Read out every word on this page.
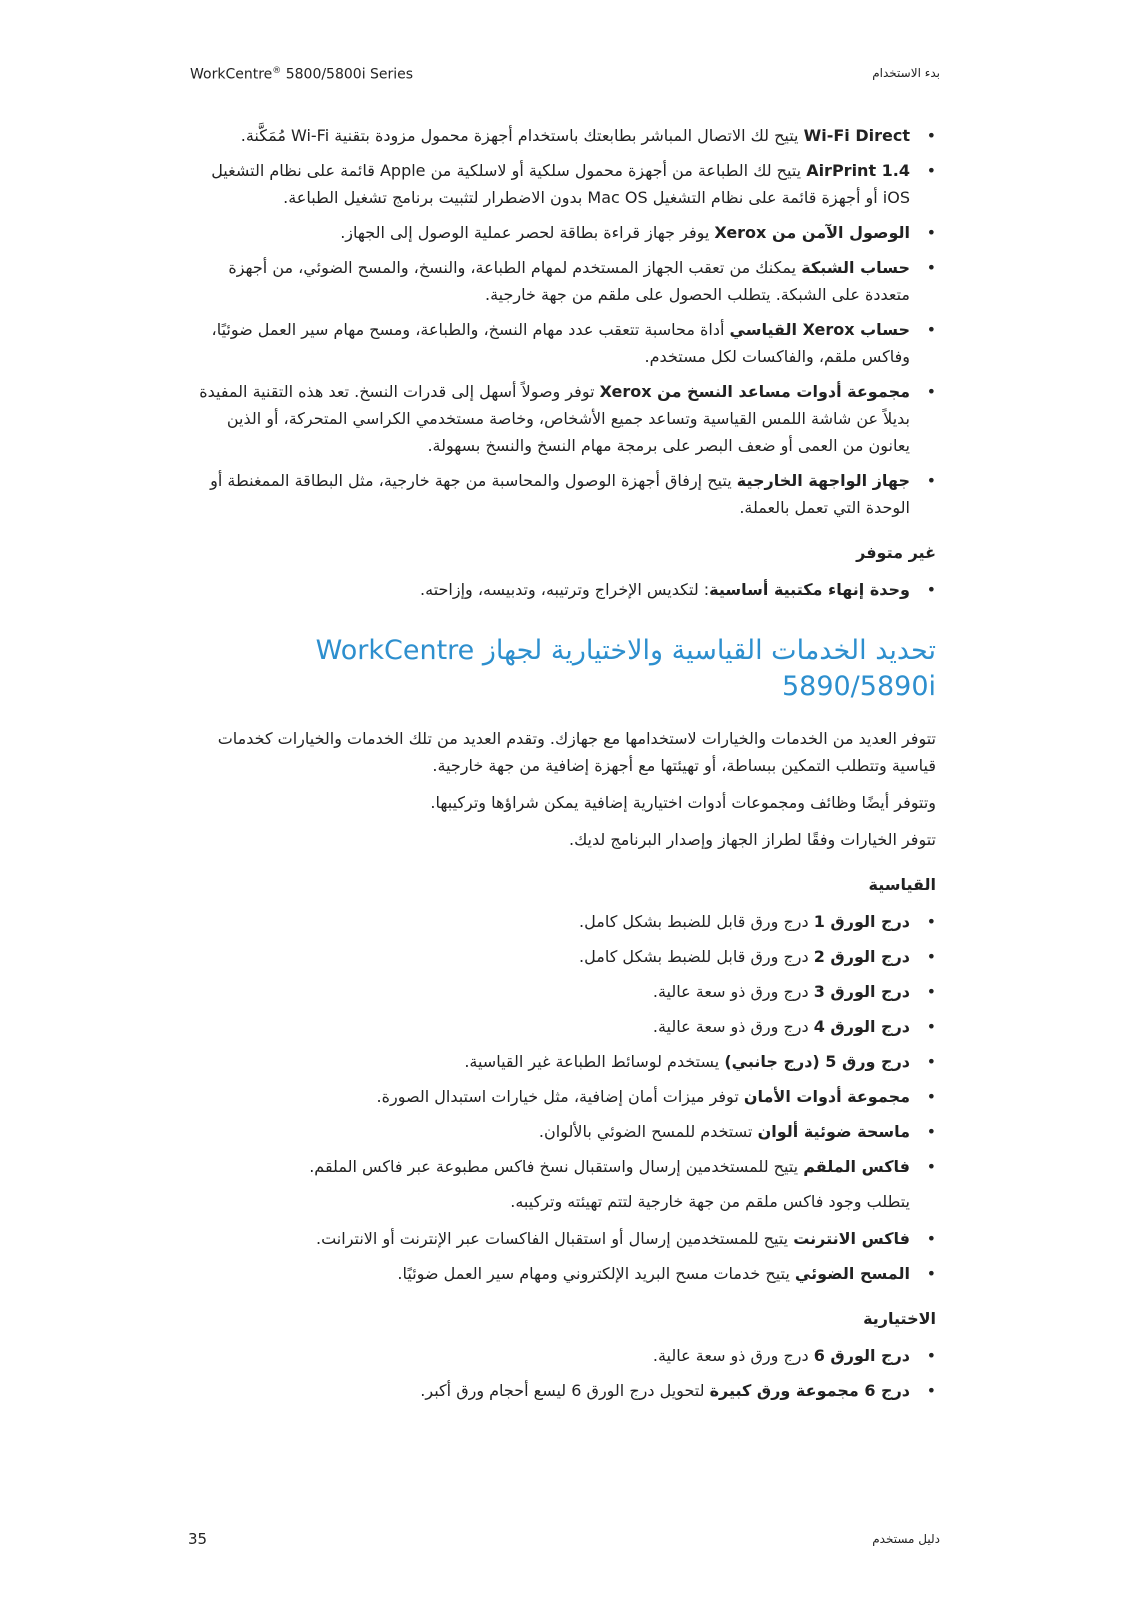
WorkCentre® 5800/5800i Series	بدء الاستخدام
• Wi-Fi Direct يتيح لك الاتصال المباشر بطابعتك باستخدام أجهزة محمول مزودة بتقنية Wi-Fi مُمَكَّنة.
• AirPrint 1.4 يتيح لك الطباعة من أجهزة محمول سلكية أو لاسلكية من Apple قائمة على نظام التشغيل iOS أو أجهزة قائمة على نظام التشغيل Mac OS بدون الاضطرار لتثبيت برنامج تشغيل الطباعة.
• الوصول الآمن من Xerox يوفر جهاز قراءة بطاقة لحصر عملية الوصول إلى الجهاز.
• حساب الشبكة يمكنك من تعقب الجهاز المستخدم لمهام الطباعة، والنسخ، والمسح الضوئي، من أجهزة متعددة على الشبكة. يتطلب الحصول على ملقم من جهة خارجية.
• حساب Xerox القياسي أداة محاسبة تتعقب عدد مهام النسخ، والطباعة، ومسح مهام سير العمل ضوئيًا، وفاكس ملقم، والفاكسات لكل مستخدم.
• مجموعة أدوات مساعد النسخ من Xerox توفر وصولاً أسهل إلى قدرات النسخ. تعد هذه التقنية المفيدة بديلاً عن شاشة اللمس القياسية وتساعد جميع الأشخاص، وخاصة مستخدمي الكراسي المتحركة، أو الذين يعانون من العمى أو ضعف البصر على برمجة مهام النسخ والنسخ بسهولة.
• جهاز الواجهة الخارجية يتيح إرفاق أجهزة الوصول والمحاسبة من جهة خارجية، مثل البطاقة الممغنطة أو الوحدة التي تعمل بالعملة.
غير متوفر
• وحدة إنهاء مكتبية أساسية: لتكديس الإخراج وترتيبه، وتدبيسه، وإزاحته.
تحديد الخدمات القياسية والاختيارية لجهاز WorkCentre 5890/5890i

تتوفر العديد من الخدمات والخيارات لاستخدامها مع جهازك. وتقدم العديد من تلك الخدمات والخيارات كخدمات قياسية وتتطلب التمكين ببساطة، أو تهيئتها مع أجهزة إضافية من جهة خارجية.

وتتوفر أيضًا وظائف ومجموعات أدوات اختيارية إضافية يمكن شراؤها وتركيبها.

تتوفر الخيارات وفقًا لطراز الجهاز وإصدار البرنامج لديك.

القياسية
• درج الورق 1 درج ورق قابل للضبط بشكل كامل.
• درج الورق 2 درج ورق قابل للضبط بشكل كامل.
• درج الورق 3 درج ورق ذو سعة عالية.
• درج الورق 4 درج ورق ذو سعة عالية.
• درج ورق 5 (درج جانبي) يستخدم لوسائط الطباعة غير القياسية.
• مجموعة أدوات الأمان توفر ميزات أمان إضافية، مثل خيارات استبدال الصورة.
• ماسحة ضوئية ألوان تستخدم للمسح الضوئي بالألوان.
• فاكس الملقم يتيح للمستخدمين إرسال واستقبال نسخ فاكس مطبوعة عبر فاكس الملقم.
يتطلب وجود فاكس ملقم من جهة خارجية لتتم تهيئته وتركيبه.
• فاكس الانترنت يتيح للمستخدمين إرسال أو استقبال الفاكسات عبر الإنترنت أو الانترانت.
• المسح الضوئي يتيح خدمات مسح البريد الإلكتروني ومهام سير العمل ضوئيًا.
الاختيارية
• درج الورق 6 درج ورق ذو سعة عالية.
• درج 6 مجموعة ورق كبيرة لتحويل درج الورق 6 ليسع أحجام ورق أكبر.
35	دليل مستخدم
